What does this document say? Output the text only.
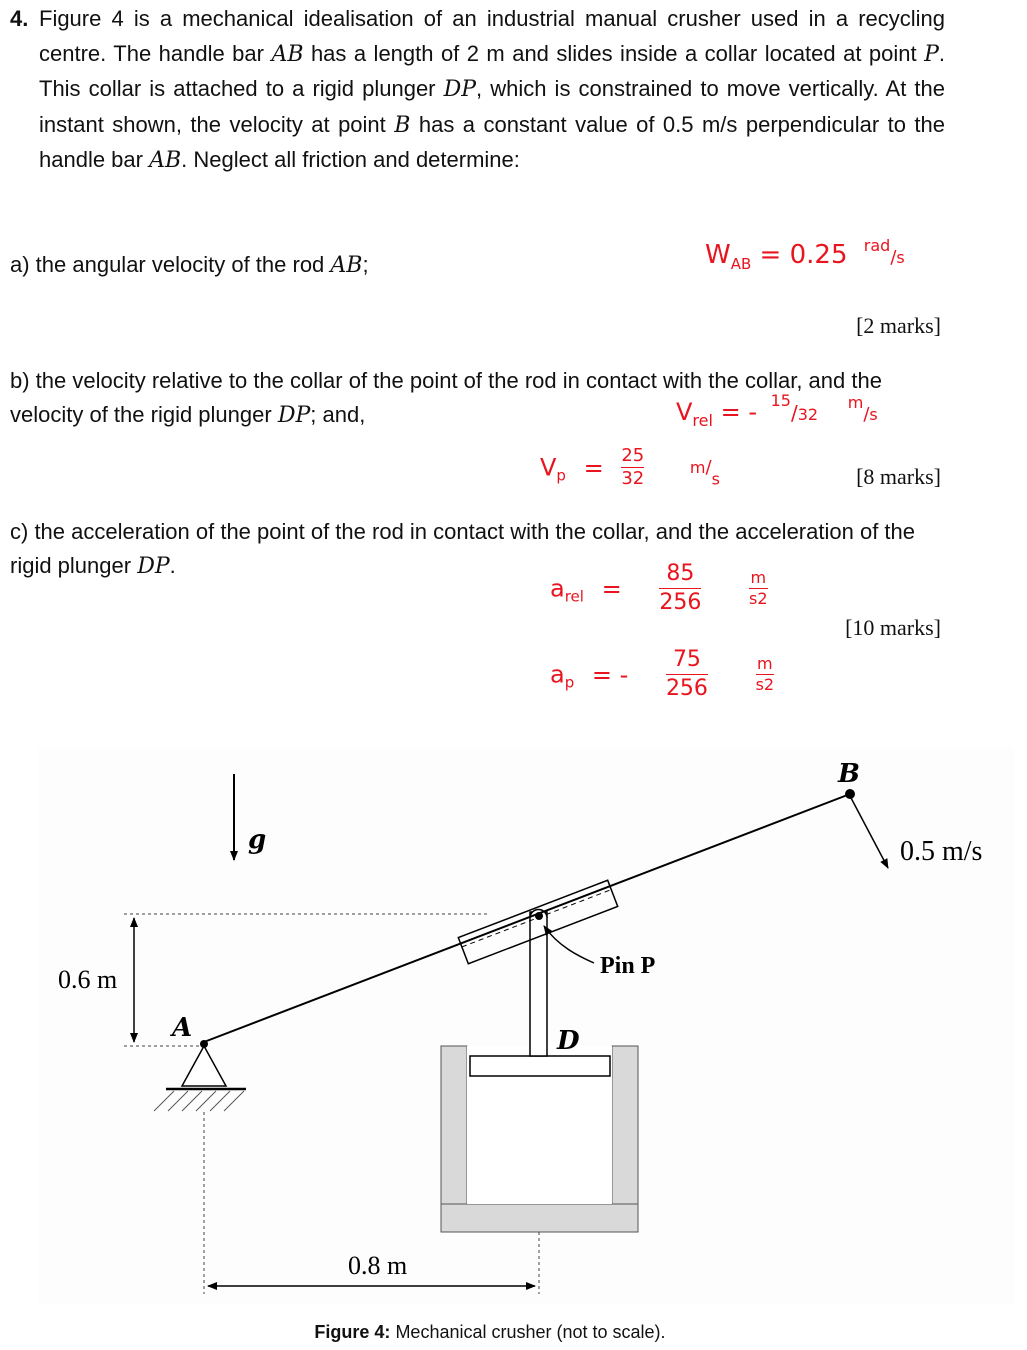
4. Figure 4 is a mechanical idealisation of an industrial manual crusher used in a recycling centre. The handle bar AB has a length of 2 m and slides inside a collar located at point P. This collar is attached to a rigid plunger DP, which is constrained to move vertically. At the instant shown, the velocity at point B has a constant value of 0.5 m/s perpendicular to the handle bar AB. Neglect all friction and determine:
a) the angular velocity of the rod AB;
[2 marks]
b) the velocity relative to the collar of the point of the rod in contact with the collar, and the velocity of the rigid plunger DP; and,
[8 marks]
c) the acceleration of the point of the rod in contact with the collar, and the acceleration of the rigid plunger DP.
[10 marks]
$W_{AB} = 0.25$ $^{rad}$/s
$V_{rel}$ = - $^{15}$/32 $^m$/s
$V_p = \frac{25}{32}$	$m/_s$
$a_{rel} = \frac{85}{256}$
	$\frac{m}{s2}$
$a_p$ = - $\frac{75}{256}$
	$\frac{m}{s2}$
g
0.6 m	Pin P
D
A
0.8 m
B
0.5 m/s
Figure 4: Mechanical crusher (not to scale).
